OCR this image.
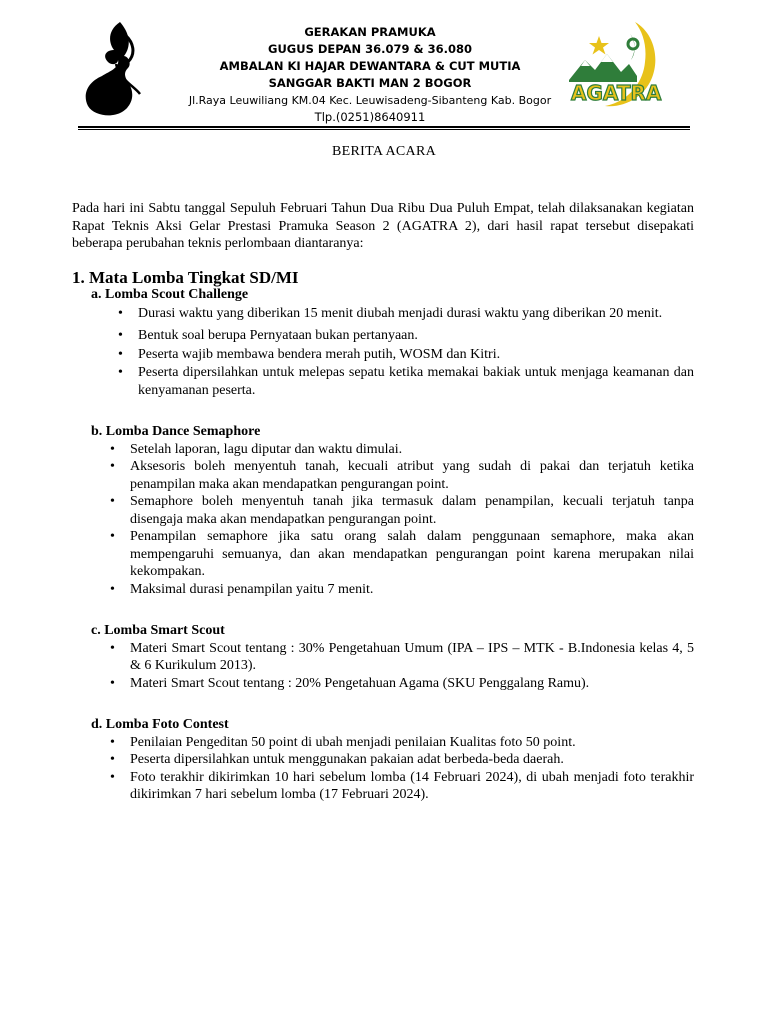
GERAKAN PRAMUKA
GUGUS DEPAN 36.079 & 36.080
AMBALAN KI HAJAR DEWANTARA & CUT MUTIA
SANGGAR BAKTI MAN 2 BOGOR
Jl.Raya Leuwiliang KM.04 Kec. Leuwisadeng-Sibanteng Kab. Bogor
Tlp.(0251)8640911
AGATRA
BERITA ACARA

Pada hari ini Sabtu tanggal Sepuluh Februari Tahun Dua Ribu Dua Puluh Empat, telah dilaksanakan kegiatan Rapat Teknis Aksi Gelar Prestasi Pramuka Season 2 (AGATRA 2), dari hasil rapat tersebut disepakati beberapa perubahan teknis perlombaan diantaranya:

1. Mata Lomba Tingkat SD/MI
a. Lomba Scout Challenge
• Durasi waktu yang diberikan 15 menit diubah menjadi durasi waktu yang diberikan 20 menit.
• Bentuk soal berupa Pernyataan bukan pertanyaan.
• Peserta wajib membawa bendera merah putih, WOSM dan Kitri.
• Peserta dipersilahkan untuk melepas sepatu ketika memakai bakiak untuk menjaga keamanan dan kenyamanan peserta.
b. Lomba Dance Semaphore
• Setelah laporan, lagu diputar dan waktu dimulai.
• Aksesoris boleh menyentuh tanah, kecuali atribut yang sudah di pakai dan terjatuh ketika penampilan maka akan mendapatkan pengurangan point.
• Semaphore boleh menyentuh tanah jika termasuk dalam penampilan, kecuali terjatuh tanpa disengaja maka akan mendapatkan pengurangan point.
• Penampilan semaphore jika satu orang salah dalam penggunaan semaphore, maka akan mempengaruhi semuanya, dan akan mendapatkan pengurangan point karena merupakan nilai kekompakan.
• Maksimal durasi penampilan yaitu 7 menit.
c. Lomba Smart Scout
• Materi Smart Scout tentang : 30% Pengetahuan Umum (IPA – IPS – MTK - B.Indonesia kelas 4, 5 & 6 Kurikulum 2013).
• Materi Smart Scout tentang : 20% Pengetahuan Agama (SKU Penggalang Ramu).
d. Lomba Foto Contest
• Penilaian Pengeditan 50 point di ubah menjadi penilaian Kualitas foto 50 point.
• Peserta dipersilahkan untuk menggunakan pakaian adat berbeda-beda daerah.
• Foto terakhir dikirimkan 10 hari sebelum lomba (14 Februari 2024), di ubah menjadi foto terakhir dikirimkan 7 hari sebelum lomba (17 Februari 2024).
